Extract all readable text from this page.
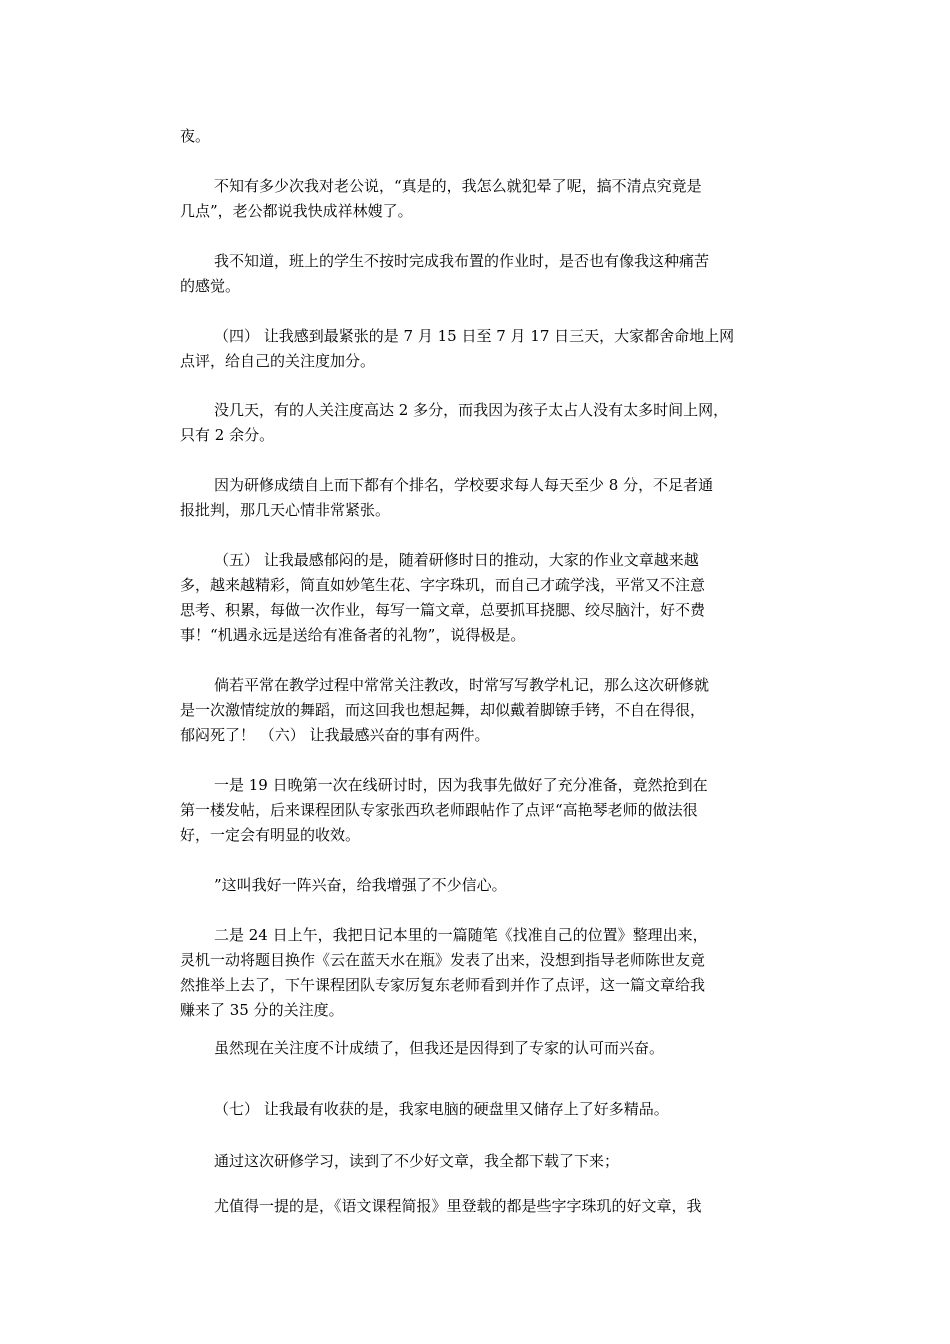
夜。
不知有多少次我对老公说，“真是的，我怎么就犯晕了呢，搞不清点究竟是
几点”，老公都说我快成祥林嫂了。
我不知道，班上的学生不按时完成我布置的作业时，是否也有像我这种痛苦
的感觉。
（四） 让我感到最紧张的是 7 月 15 日至 7 月 17 日三天，大家都舍命地上网
点评，给自己的关注度加分。
没几天，有的人关注度高达 2 多分，而我因为孩子太占人没有太多时间上网，
只有 2 余分。
因为研修成绩自上而下都有个排名，学校要求每人每天至少 8 分，不足者通
报批判，那几天心情非常紧张。
（五） 让我最感郁闷的是，随着研修时日的推动，大家的作业文章越来越
多，越来越精彩，简直如妙笔生花、字字珠玑，而自己才疏学浅，平常又不注意
思考、积累，每做一次作业，每写一篇文章，总要抓耳挠腮、绞尽脑汁，好不费
事！“机遇永远是送给有准备者的礼物”，说得极是。
倘若平常在教学过程中常常关注教改，时常写写教学札记，那么这次研修就
是一次激情绽放的舞蹈，而这回我也想起舞，却似戴着脚镣手铐，不自在得很，
郁闷死了！ （六） 让我最感兴奋的事有两件。
一是 19 日晚第一次在线研讨时，因为我事先做好了充分准备，竟然抢到在
第一楼发帖，后来课程团队专家张西玖老师跟帖作了点评“高艳琴老师的做法很
好，一定会有明显的收效。
”这叫我好一阵兴奋，给我增强了不少信心。
二是 24 日上午，我把日记本里的一篇随笔《找准自己的位置》整理出来，
灵机一动将题目换作《云在蓝天水在瓶》发表了出来，没想到指导老师陈世友竟
然推举上去了，下午课程团队专家厉复东老师看到并作了点评，这一篇文章给我
赚来了 35 分的关注度。
虽然现在关注度不计成绩了，但我还是因得到了专家的认可而兴奋。
（七） 让我最有收获的是，我家电脑的硬盘里又储存上了好多精品。
通过这次研修学习，读到了不少好文章，我全都下载了下来；
尤值得一提的是，《语文课程简报》里登载的都是些字字珠玑的好文章，我
